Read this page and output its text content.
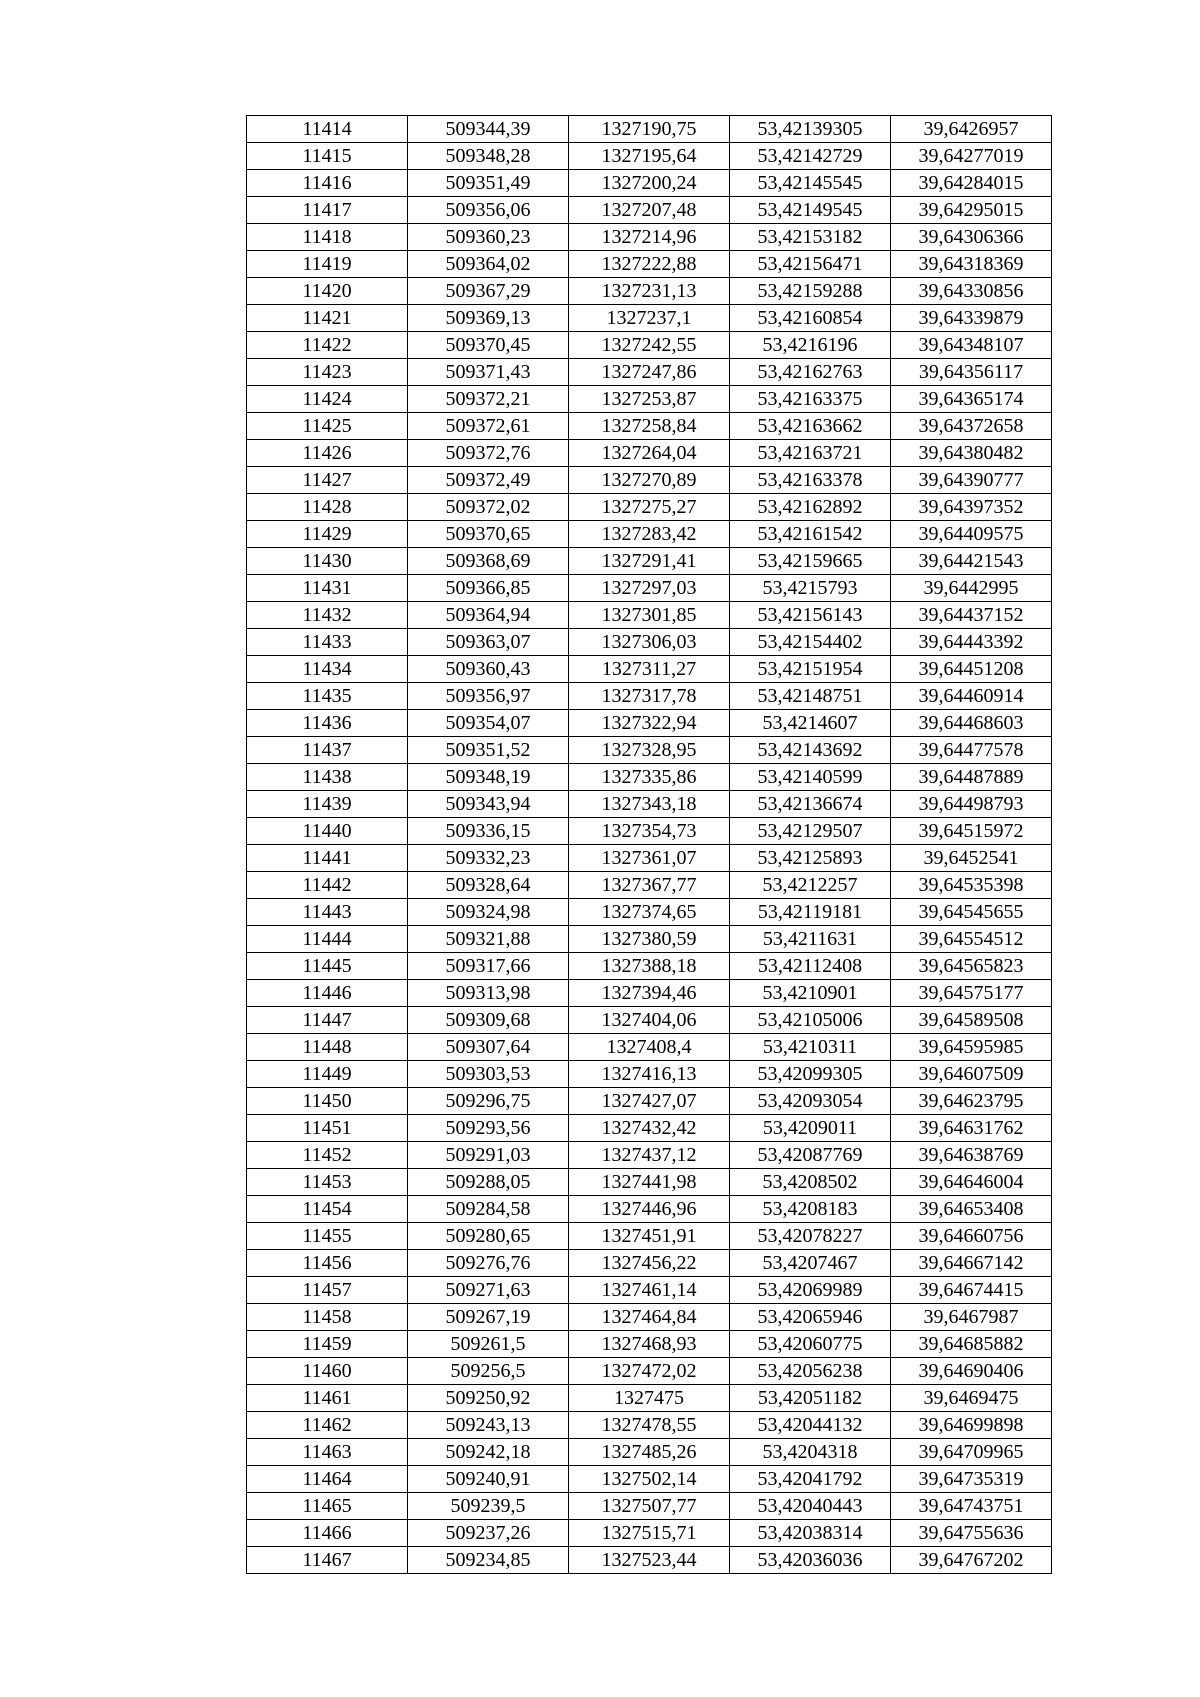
11414	509344,39	1327190,75	53,42139305	39,6426957
11415	509348,28	1327195,64	53,42142729	39,64277019
11416	509351,49	1327200,24	53,42145545	39,64284015
11417	509356,06	1327207,48	53,42149545	39,64295015
11418	509360,23	1327214,96	53,42153182	39,64306366
11419	509364,02	1327222,88	53,42156471	39,64318369
11420	509367,29	1327231,13	53,42159288	39,64330856
11421	509369,13	1327237,1	53,42160854	39,64339879
11422	509370,45	1327242,55	53,4216196	39,64348107
11423	509371,43	1327247,86	53,42162763	39,64356117
11424	509372,21	1327253,87	53,42163375	39,64365174
11425	509372,61	1327258,84	53,42163662	39,64372658
11426	509372,76	1327264,04	53,42163721	39,64380482
11427	509372,49	1327270,89	53,42163378	39,64390777
11428	509372,02	1327275,27	53,42162892	39,64397352
11429	509370,65	1327283,42	53,42161542	39,64409575
11430	509368,69	1327291,41	53,42159665	39,64421543
11431	509366,85	1327297,03	53,4215793	39,6442995
11432	509364,94	1327301,85	53,42156143	39,64437152
11433	509363,07	1327306,03	53,42154402	39,64443392
11434	509360,43	1327311,27	53,42151954	39,64451208
11435	509356,97	1327317,78	53,42148751	39,64460914
11436	509354,07	1327322,94	53,4214607	39,64468603
11437	509351,52	1327328,95	53,42143692	39,64477578
11438	509348,19	1327335,86	53,42140599	39,64487889
11439	509343,94	1327343,18	53,42136674	39,64498793
11440	509336,15	1327354,73	53,42129507	39,64515972
11441	509332,23	1327361,07	53,42125893	39,6452541
11442	509328,64	1327367,77	53,4212257	39,64535398
11443	509324,98	1327374,65	53,42119181	39,64545655
11444	509321,88	1327380,59	53,4211631	39,64554512
11445	509317,66	1327388,18	53,42112408	39,64565823
11446	509313,98	1327394,46	53,4210901	39,64575177
11447	509309,68	1327404,06	53,42105006	39,64589508
11448	509307,64	1327408,4	53,4210311	39,64595985
11449	509303,53	1327416,13	53,42099305	39,64607509
11450	509296,75	1327427,07	53,42093054	39,64623795
11451	509293,56	1327432,42	53,4209011	39,64631762
11452	509291,03	1327437,12	53,42087769	39,64638769
11453	509288,05	1327441,98	53,4208502	39,64646004
11454	509284,58	1327446,96	53,4208183	39,64653408
11455	509280,65	1327451,91	53,42078227	39,64660756
11456	509276,76	1327456,22	53,4207467	39,64667142
11457	509271,63	1327461,14	53,42069989	39,64674415
11458	509267,19	1327464,84	53,42065946	39,6467987
11459	509261,5	1327468,93	53,42060775	39,64685882
11460	509256,5	1327472,02	53,42056238	39,64690406
11461	509250,92	1327475	53,42051182	39,6469475
11462	509243,13	1327478,55	53,42044132	39,64699898
11463	509242,18	1327485,26	53,4204318	39,64709965
11464	509240,91	1327502,14	53,42041792	39,64735319
11465	509239,5	1327507,77	53,42040443	39,64743751
11466	509237,26	1327515,71	53,42038314	39,64755636
11467	509234,85	1327523,44	53,42036036	39,64767202
